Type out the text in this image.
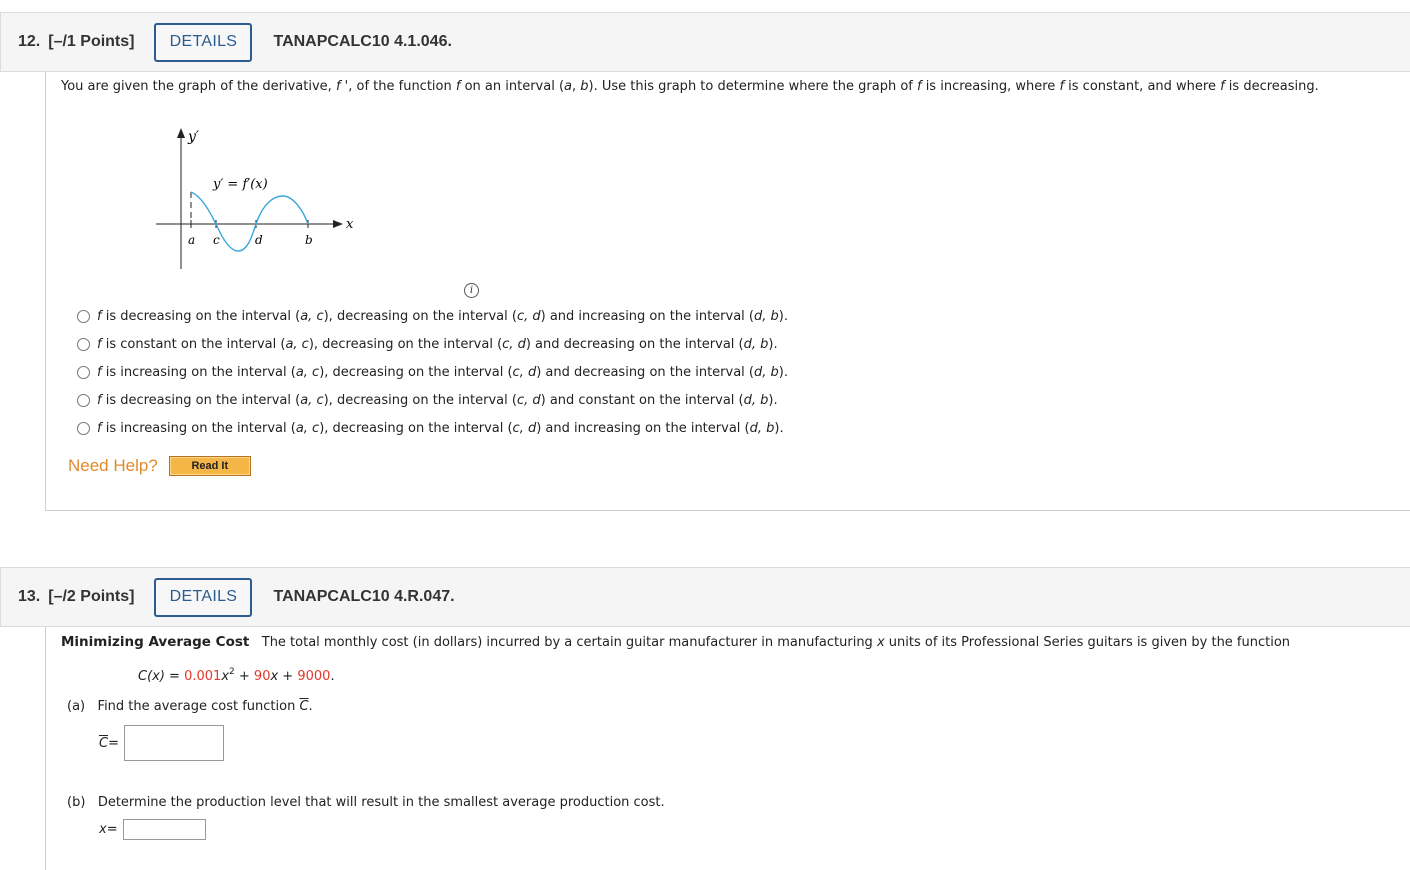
12. [–/1 Points]	DETAILS	TANAPCALC10 4.1.046.
You are given the graph of the derivative, f ', of the function f on an interval (a, b). Use this graph to determine where the graph of f is increasing, where f is constant, and where f is decreasing.
y′
x
y′ = f′(x)
a c	d	b
i
f is decreasing on the interval (a, c), decreasing on the interval (c, d) and increasing on the interval (d, b).
f is constant on the interval (a, c), decreasing on the interval (c, d) and decreasing on the interval (d, b).
f is increasing on the interval (a, c), decreasing on the interval (c, d) and decreasing on the interval (d, b).
f is decreasing on the interval (a, c), decreasing on the interval (c, d) and constant on the interval (d, b).
f is increasing on the interval (a, c), decreasing on the interval (c, d) and increasing on the interval (d, b).
Need Help?	Read It
13. [–/2 Points]	DETAILS	TANAPCALC10 4.R.047.
Minimizing Average Cost The total monthly cost (in dollars) incurred by a certain guitar manufacturer in manufacturing x units of its Professional Series guitars is given by the function
$C(x) = 0.001x^2 + 90x + 9000$.
(a) Find the average cost function $\overline{C}$.
$\overline{C}$ =
(b) Determine the production level that will result in the smallest average production cost.
x =
